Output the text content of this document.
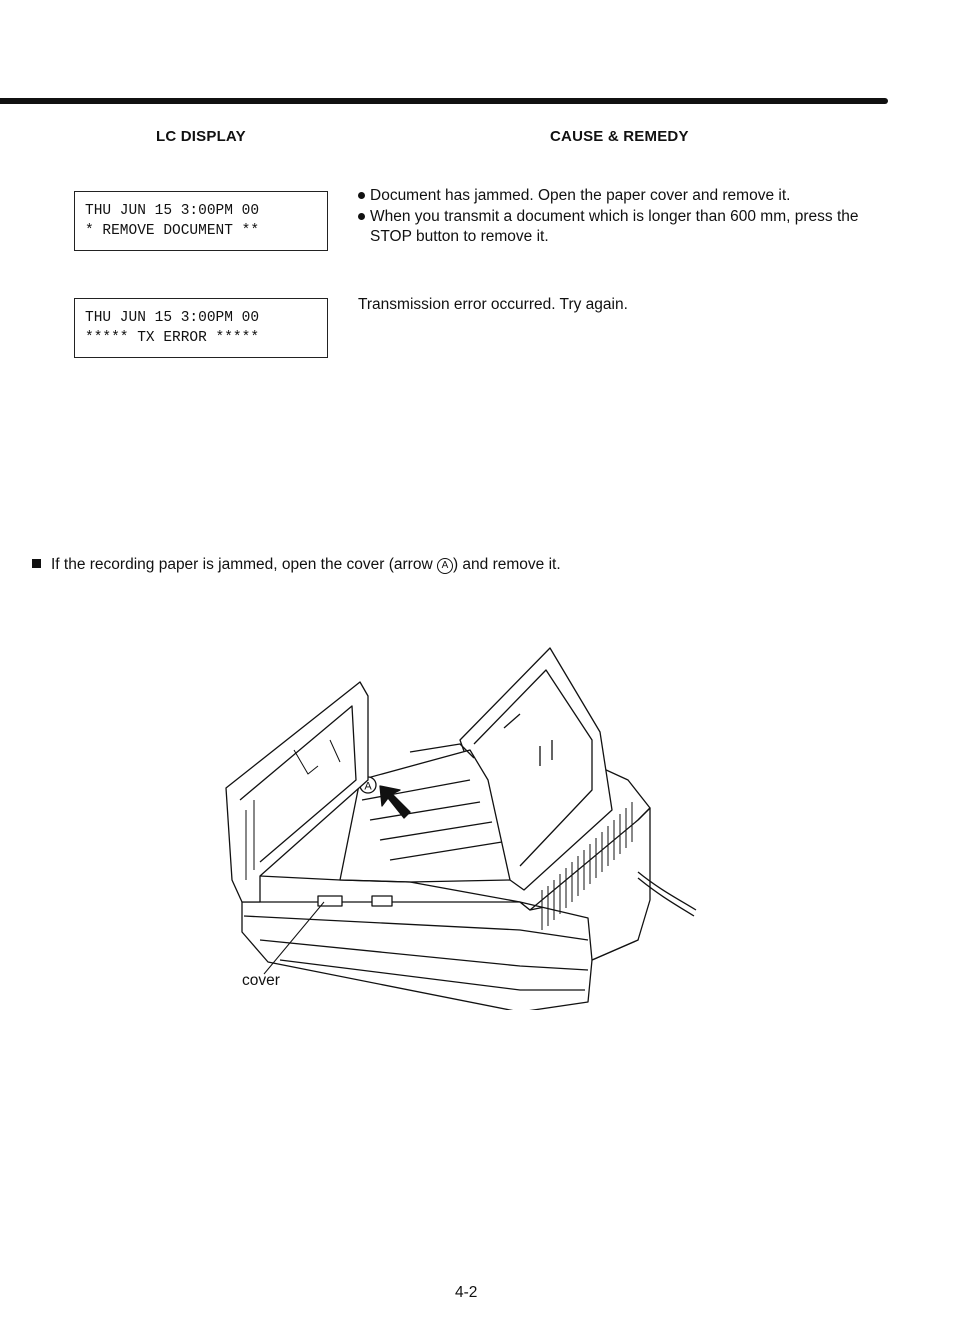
LC DISPLAY	CAUSE & REMEDY
THU JUN 15 3:00PM 00
* REMOVE DOCUMENT **
Document has jammed. Open the paper cover and remove it.
When you transmit a document which is longer than 600 mm, press the STOP button to remove it.
THU JUN 15 3:00PM 00
***** TX ERROR *****
Transmission error occurred. Try again.
If the recording paper is jammed, open the cover (arrow A ) and remove it.
A
cover
4-2
